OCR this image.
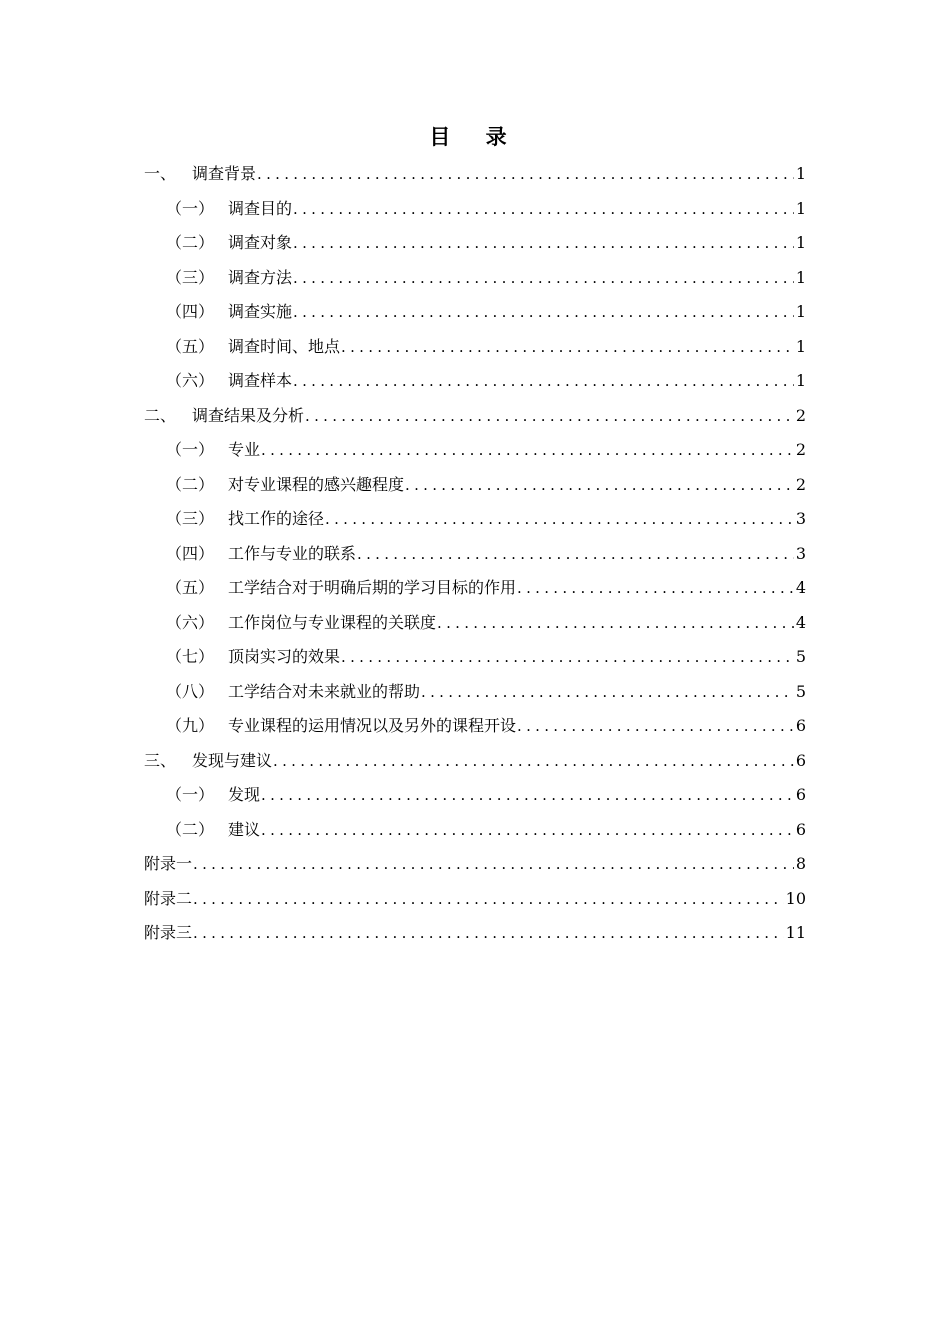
目 录
一、 调查背景 .....	1
（一） 调查目的 .....	1
（二） 调查对象 .....	1
（三） 调查方法 .....	1
（四） 调查实施 .....	1
（五） 调查时间、地点 .....	1
（六） 调查样本 .....	1
二、 调查结果及分析 .....	2
（一） 专业 .....	2
（二） 对专业课程的感兴趣程度 .....	2
（三） 找工作的途径 .....	3
（四） 工作与专业的联系 .....	3
（五） 工学结合对于明确后期的学习目标的作用 .....	4
（六） 工作岗位与专业课程的关联度 .....	4
（七） 顶岗实习的效果 .....	5
（八） 工学结合对未来就业的帮助 .....	5
（九） 专业课程的运用情况以及另外的课程开设 .....	6
三、 发现与建议 .....	6
（一） 发现 .....	6
（二） 建议 .....	6
附录一 .....	8
附录二 .....	10
附录三 .....	11
